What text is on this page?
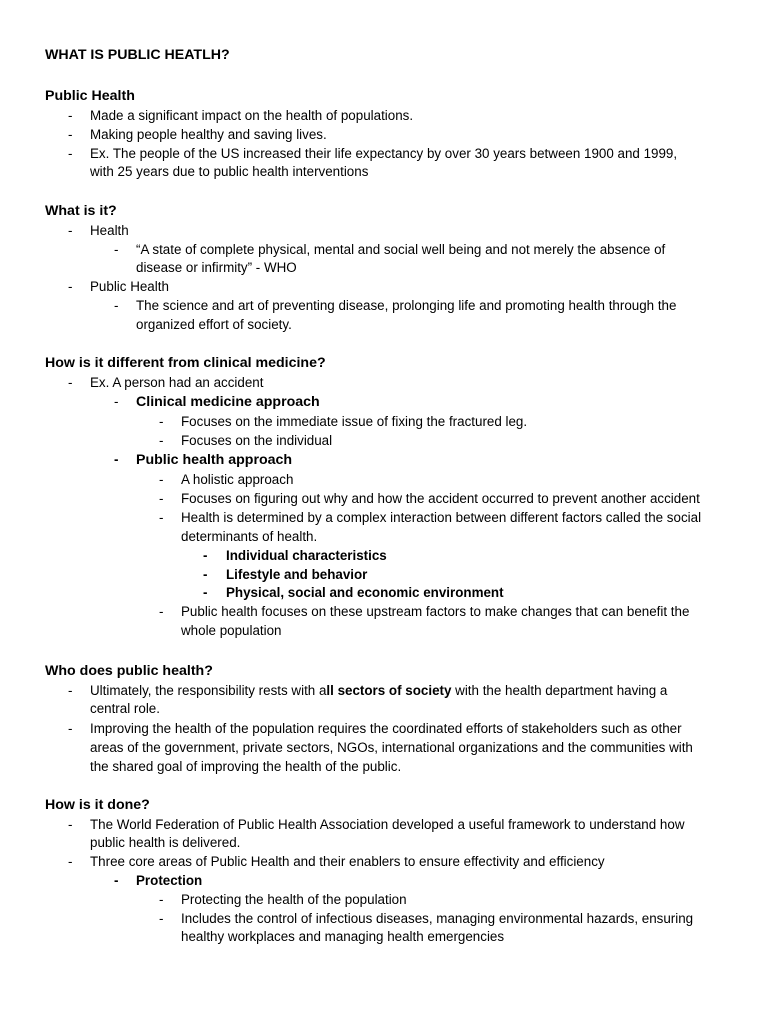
WHAT IS PUBLIC HEATLH?
Public Health
- Made a significant impact on the health of populations.
- Making people healthy and saving lives.
- Ex. The people of the US increased their life expectancy by over 30 years between 1900 and 1999,
with 25 years due to public health interventions
What is it?
- Health
- “A state of complete physical, mental and social well being and not merely the absence of
disease or infirmity” - WHO
- Public Health
- The science and art of preventing disease, prolonging life and promoting health through the
organized effort of society.
How is it different from clinical medicine?
- Ex. A person had an accident
- Clinical medicine approach
- Focuses on the immediate issue of fixing the fractured leg.
- Focuses on the individual
- Public health approach
- A holistic approach
- Focuses on figuring out why and how the accident occurred to prevent another accident
- Health is determined by a complex interaction between different factors called the social
determinants of health.
- Individual characteristics
- Lifestyle and behavior
- Physical, social and economic environment
- Public health focuses on these upstream factors to make changes that can benefit the
whole population
Who does public health?
- Ultimately, the responsibility rests with all sectors of society with the health department having a
central role.
- Improving the health of the population requires the coordinated efforts of stakeholders such as other
areas of the government, private sectors, NGOs, international organizations and the communities with
the shared goal of improving the health of the public.
How is it done?
- The World Federation of Public Health Association developed a useful framework to understand how
public health is delivered.
- Three core areas of Public Health and their enablers to ensure effectivity and efficiency
- Protection
- Protecting the health of the population
- Includes the control of infectious diseases, managing environmental hazards, ensuring
healthy workplaces and managing health emergencies
